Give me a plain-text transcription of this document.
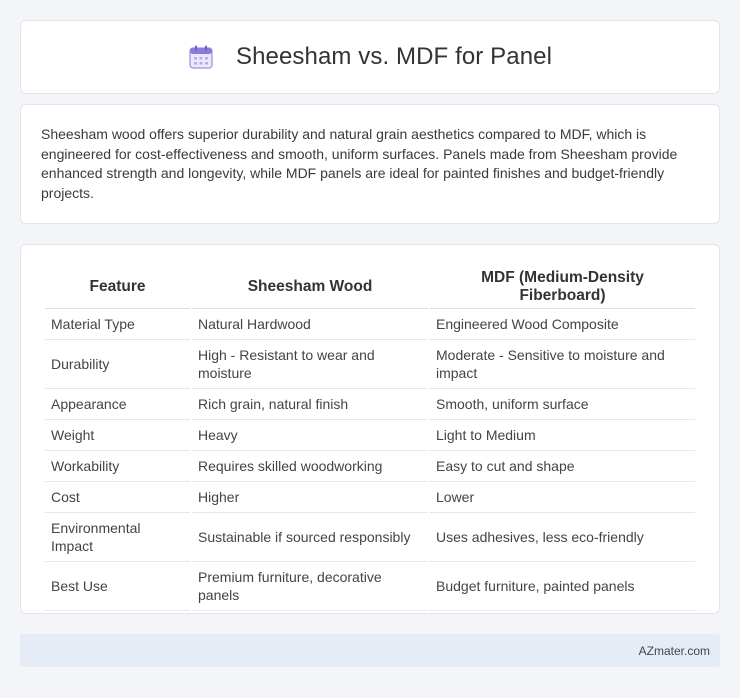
Sheesham vs. MDF for Panel

Sheesham wood offers superior durability and natural grain aesthetics compared to MDF, which is engineered for cost-effectiveness and smooth, uniform surfaces. Panels made from Sheesham provide enhanced strength and longevity, while MDF panels are ideal for painted finishes and budget-friendly projects.

Feature	Sheesham Wood	MDF (Medium-Density Fiberboard)
Material Type	Natural Hardwood	Engineered Wood Composite
Durability	High - Resistant to wear and moisture	Moderate - Sensitive to moisture and impact
Appearance	Rich grain, natural finish	Smooth, uniform surface
Weight	Heavy	Light to Medium
Workability	Requires skilled woodworking	Easy to cut and shape
Cost	Higher	Lower
Environmental Impact	Sustainable if sourced responsibly	Uses adhesives, less eco-friendly
Best Use	Premium furniture, decorative panels	Budget furniture, painted panels
AZmater.com
